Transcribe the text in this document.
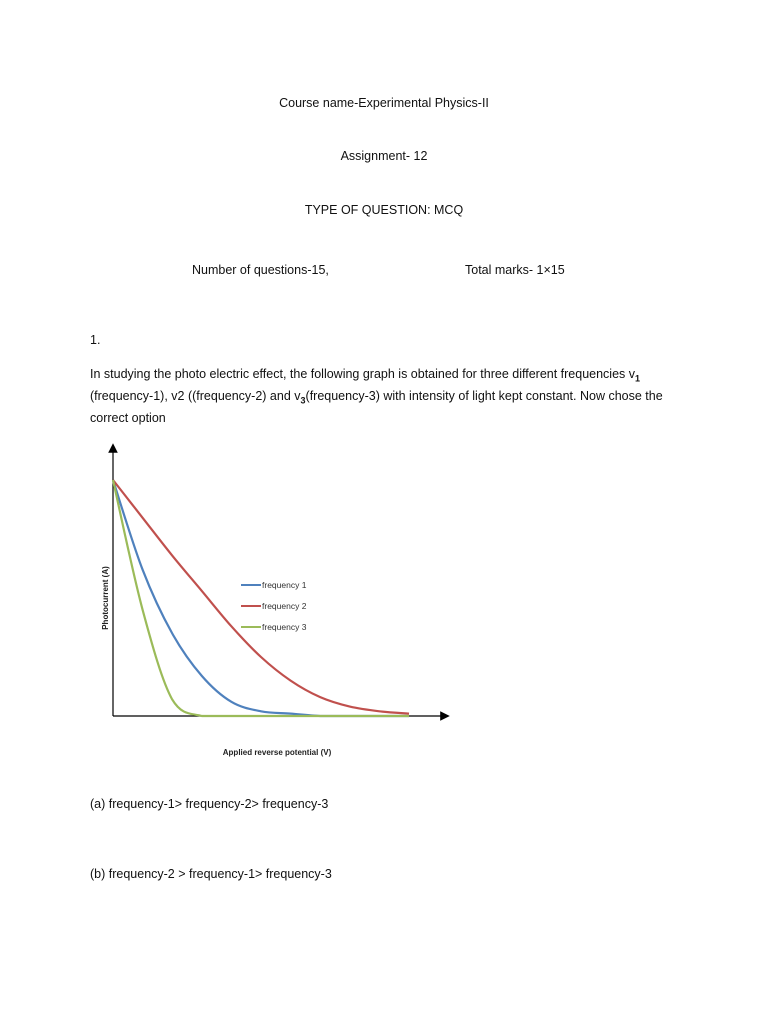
Course name-Experimental Physics-II
Assignment- 12
TYPE OF QUESTION: MCQ
Number of questions-15,	Total marks- 1×15
1.
In studying the photo electric effect, the following graph is obtained for three different frequencies $v_1$ (frequency-1), v2 ((frequency-2) and $v_3(frequency-3)$ with intensity of light kept constant. Now chose the correct option
frequency 1
frequency 2
frequency 3
Applied reverse potential (V)
Photocurrent (A)
(a) frequency-1> frequency-2> frequency-3
(b) frequency-2 > frequency-1> frequency-3
